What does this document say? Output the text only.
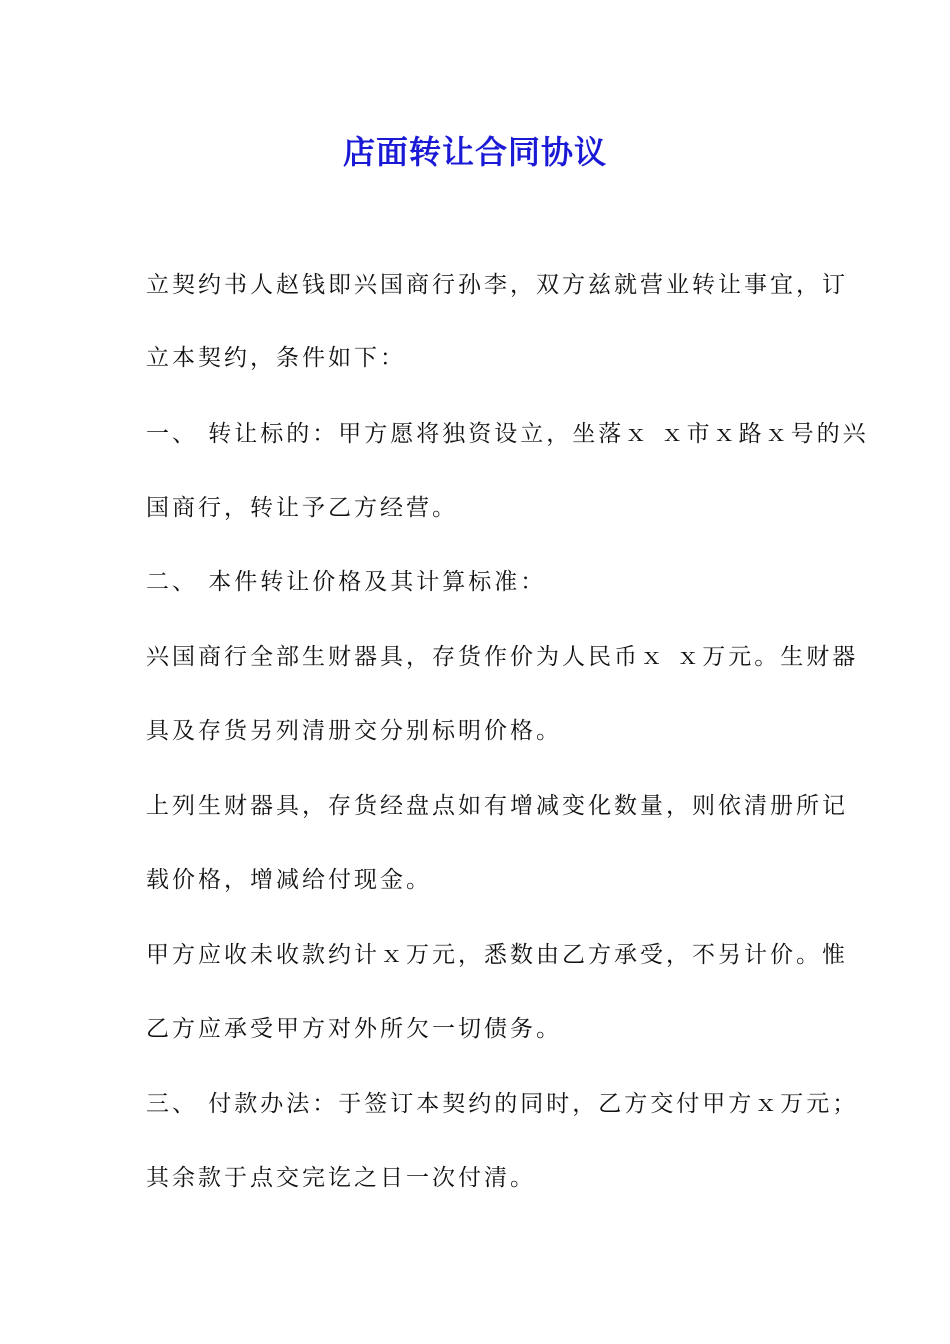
店面转让合同协议
立契约书人赵钱即兴国商行孙李，双方兹就营业转让事宜，订
立本契约，条件如下：
一、 转让标的：甲方愿将独资设立，坐落ｘ ｘ市ｘ路ｘ号的兴
国商行，转让予乙方经营。
二、 本件转让价格及其计算标准：
兴国商行全部生财器具，存货作价为人民币ｘ ｘ万元。生财器
具及存货另列清册交分别标明价格。
上列生财器具，存货经盘点如有增减变化数量，则依清册所记
载价格，增减给付现金。
甲方应收未收款约计ｘ万元，悉数由乙方承受，不另计价。惟
乙方应承受甲方对外所欠一切债务。
三、 付款办法：于签订本契约的同时，乙方交付甲方ｘ万元；
其余款于点交完讫之日一次付清。
